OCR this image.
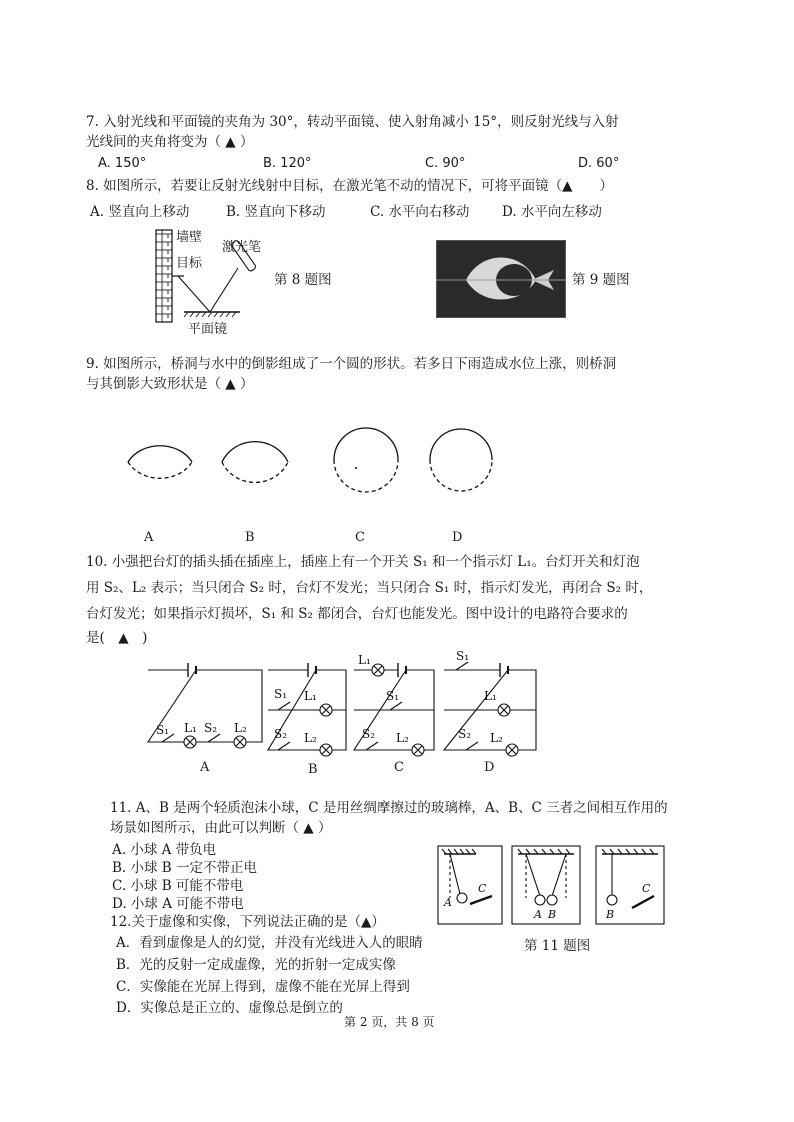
7. 入射光线和平面镜的夹角为 30°，转动平面镜、使入射角减小 15°，则反射光线与入射
光线间的夹角将变为（ ▲ ）
A. 150°	B. 120°	C. 90°	D. 60°
8. 如图所示，若要让反射光线射中目标，在激光笔不动的情况下，可将平面镜（▲　　）
A. 竖直向上移动	B. 竖直向下移动	C. 水平向右移动 D. 水平向左移动
墙壁
目标
激光笔
平面镜
第 8 题图	第 9 题图
9. 如图所示，桥洞与水中的倒影组成了一个圆的形状。若多日下雨造成水位上涨，则桥洞
与其倒影大致形状是（ ▲ ）
A	B	C	D
10. 小强把台灯的插头插在插座上，插座上有一个开关 S₁ 和一个指示灯 L₁。台灯开关和灯泡
用 S₂、L₂ 表示；当只闭合 S₂ 时，台灯不发光；当只闭合 S₁ 时，指示灯发光，再闭合 S₂ 时，
台灯发光；如果指示灯损坏，S₁ 和 S₂ 都闭合，台灯也能发光。图中设计的电路符合要求的
是(　▲　)
S₁ L₁ S₂ L₂
S₁ L₁
S₂ L₂
L₁
S₁
S₂ L₂
S₁
L₁
S₂ L₂
A	B	C	D
11. A、B 是两个轻质泡沫小球，C 是用丝绸摩擦过的玻璃棒，A、B、C 三者之间相互作用的
场景如图所示，由此可以判断（ ▲ ）
A. 小球 A 带负电
B. 小球 B 一定不带正电
C. 小球 B 可能不带电
D. 小球 A 可能不带电	A
C
A B	B
C
第 11 题图
12.关于虚像和实像，下列说法正确的是（▲）
A．看到虚像是人的幻觉，并没有光线进入人的眼睛
B．光的反射一定成虚像，光的折射一定成实像
C．实像能在光屏上得到，虚像不能在光屏上得到
D．实像总是正立的、虚像总是倒立的
第 2 页，共 8 页
